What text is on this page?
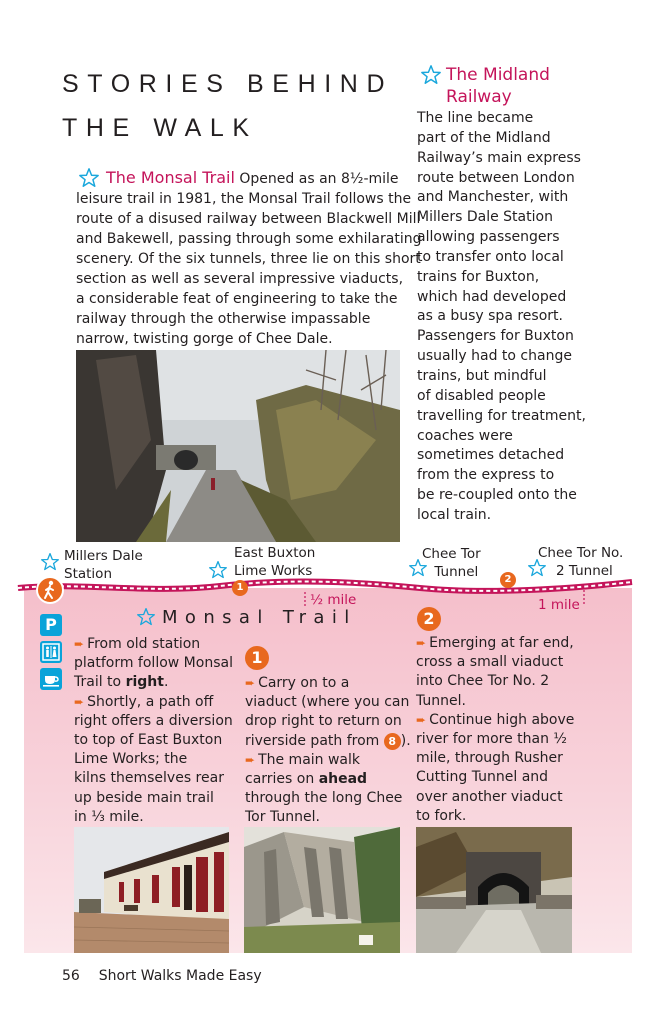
STORIES BEHIND
THE WALK
The Monsal Trail Opened as an 8½-mile
leisure trail in 1981, the Monsal Trail follows the
route of a disused railway between Blackwell Mill
and Bakewell, passing through some exhilarating
scenery. Of the six tunnels, three lie on this short
section as well as several impressive viaducts,
a considerable feat of engineering to take the
railway through the otherwise impassable
narrow, twisting gorge of Chee Dale.
The Midland
Railway
The line became
part of the Midland
Railway’s main express
route between London
and Manchester, with
Millers Dale Station
allowing passengers
to transfer onto local
trains for Buxton,
which had developed
as a busy spa resort.
Passengers for Buxton
usually had to change
trains, but mindful
of disabled people
travelling for treatment,
coaches were
sometimes detached
from the express to
be re-coupled onto the
local train.
Millers Dale
Station
East Buxton
Lime Works
Chee Tor
Tunnel
Chee Tor No.
2 Tunnel
1
2
½ mile	1 mile
P	Monsal Trail
➨ From old station
platform follow Monsal
Trail to right.
➨ Shortly, a path off
right offers a diversion
to top of East Buxton
Lime Works; the
kilns themselves rear
up beside main trail
in ⅓ mile.
1
➨ Carry on to a
viaduct (where you can
drop right to return on
riverside path from 8 ).
➨ The main walk
carries on ahead
through the long Chee
Tor Tunnel.
2
➨ Emerging at far end,
cross a small viaduct
into Chee Tor No. 2
Tunnel.
➨ Continue high above
river for more than ½
mile, through Rusher
Cutting Tunnel and
over another viaduct
to fork.
56 Short Walks Made Easy
